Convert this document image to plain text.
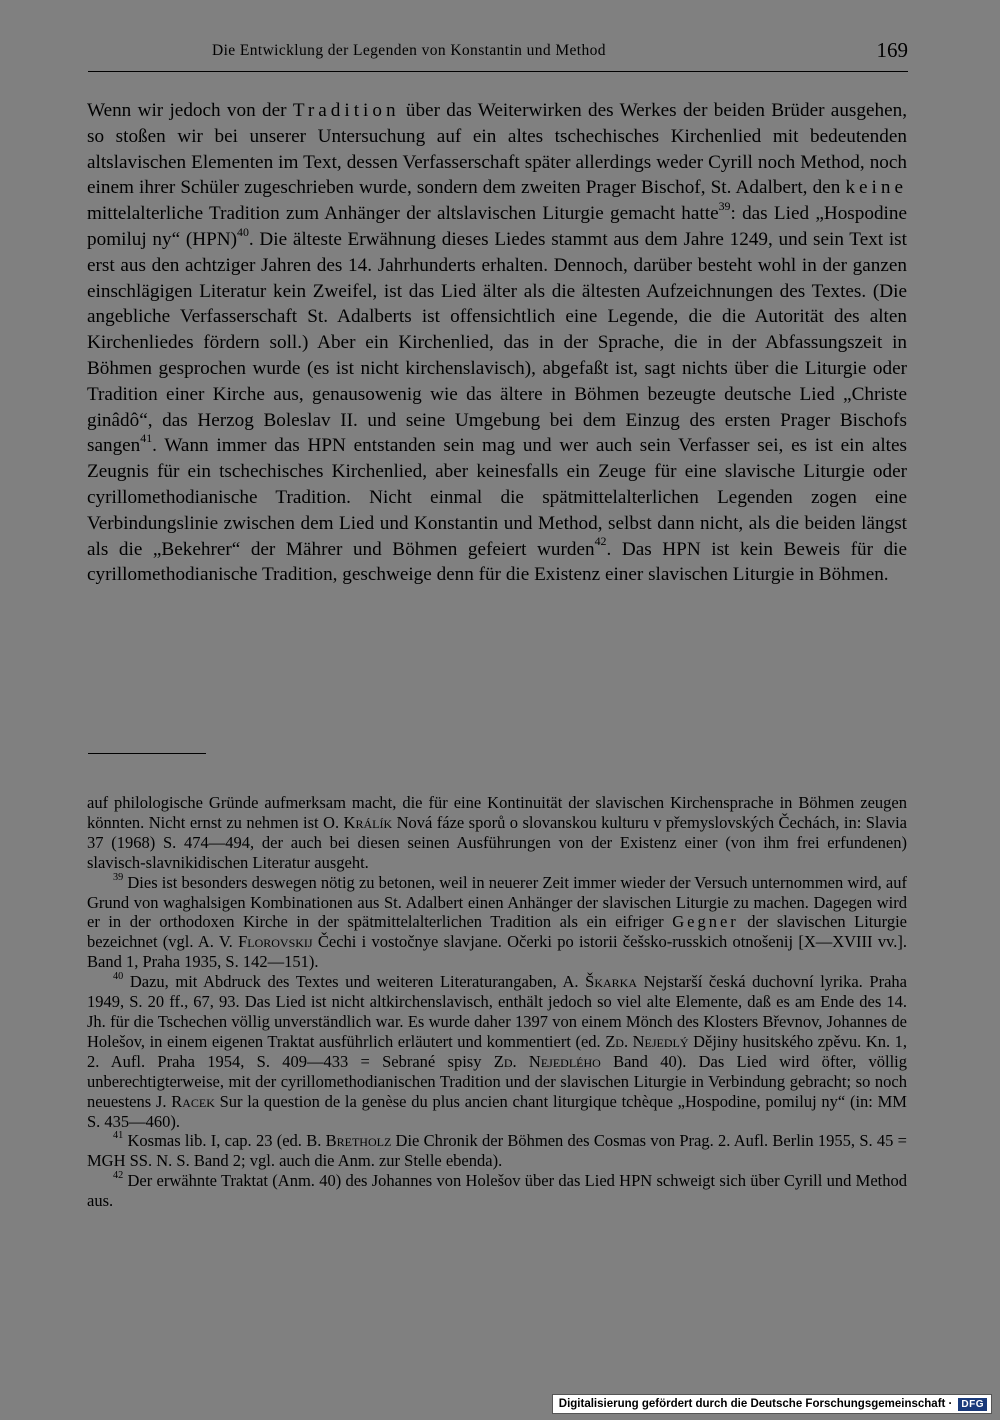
Die Entwicklung der Legenden von Konstantin und Method	169

Wenn wir jedoch von der Tradition über das Weiterwirken des Werkes der beiden Brüder ausgehen, so stoßen wir bei unserer Untersuchung auf ein altes tschechisches Kirchenlied mit bedeutenden altslavischen Elementen im Text, dessen Verfasserschaft später allerdings weder Cyrill noch Method, noch einem ihrer Schüler zugeschrieben wurde, sondern dem zweiten Prager Bischof, St. Adalbert, den keine mittelalterliche Tradition zum Anhänger der altslavischen Liturgie gemacht hatte$^{39}$: das Lied „Hospodine pomiluj ny“ (HPN)$^{40}$. Die älteste Erwähnung dieses Liedes stammt aus dem Jahre 1249, und sein Text ist erst aus den achtziger Jahren des 14. Jahrhunderts erhalten. Dennoch, darüber besteht wohl in der ganzen einschlägigen Literatur kein Zweifel, ist das Lied älter als die ältesten Aufzeichnungen des Textes. (Die angebliche Verfasserschaft St. Adalberts ist offensichtlich eine Legende, die die Autorität des alten Kirchenliedes fördern soll.) Aber ein Kirchenlied, das in der Sprache, die in der Abfassungszeit in Böhmen gesprochen wurde (es ist nicht kirchenslavisch), abgefaßt ist, sagt nichts über die Liturgie oder Tradition einer Kirche aus, genausowenig wie das ältere in Böhmen bezeugte deutsche Lied „Christe ginâdô“, das Herzog Boleslav II. und seine Umgebung bei dem Einzug des ersten Prager Bischofs sangen$^{41}$. Wann immer das HPN entstanden sein mag und wer auch sein Verfasser sei, es ist ein altes Zeugnis für ein tschechisches Kirchenlied, aber keinesfalls ein Zeuge für eine slavische Liturgie oder cyrillomethodianische Tradition. Nicht einmal die spätmittelalterlichen Legenden zogen eine Verbindungslinie zwischen dem Lied und Konstantin und Method, selbst dann nicht, als die beiden längst als die „Bekehrer“ der Mährer und Böhmen gefeiert wurden$^{42}$. Das HPN ist kein Beweis für die cyrillomethodianische Tradition, geschweige denn für die Existenz einer slavischen Liturgie in Böhmen.

auf philologische Gründe aufmerksam macht, die für eine Kontinuität der slavischen Kirchensprache in Böhmen zeugen könnten. Nicht ernst zu nehmen ist O. Králík Nová fáze sporů o slovanskou kulturu v přemyslovských Čechách, in: Slavia 37 (1968) S. 474—494, der auch bei diesen seinen Ausführungen von der Existenz einer (von ihm frei erfundenen) slavisch-slavnikidischen Literatur ausgeht.

$^{39}$ Dies ist besonders deswegen nötig zu betonen, weil in neuerer Zeit immer wieder der Versuch unternommen wird, auf Grund von waghalsigen Kombinationen aus St. Adalbert einen Anhänger der slavischen Liturgie zu machen. Dagegen wird er in der orthodoxen Kirche in der spätmittelalterlichen Tradition als ein eifriger Gegner der slavischen Liturgie bezeichnet (vgl. A. V. Florovskij Čechi i vostočnye slavjane. Očerki po istorii češsko-russkich otnošenij [X—XVIII vv.]. Band 1, Praha 1935, S. 142—151).

$^{40}$ Dazu, mit Abdruck des Textes und weiteren Literaturangaben, A. Škarka Nejstarší česká duchovní lyrika. Praha 1949, S. 20 ff., 67, 93. Das Lied ist nicht altkirchenslavisch, enthält jedoch so viel alte Elemente, daß es am Ende des 14. Jh. für die Tschechen völlig unverständlich war. Es wurde daher 1397 von einem Mönch des Klosters Břevnov, Johannes de Holešov, in einem eigenen Traktat ausführlich erläutert und kommentiert (ed. Zd. Nejedlý Dějiny husitského zpěvu. Kn. 1, 2. Aufl. Praha 1954, S. 409—433 = Sebrané spisy Zd. Nejedlého Band 40). Das Lied wird öfter, völlig unberechtigterweise, mit der cyrillomethodianischen Tradition und der slavischen Liturgie in Verbindung gebracht; so noch neuestens J. Racek Sur la question de la genèse du plus ancien chant liturgique tchèque „Hospodine, pomiluj ny“ (in: MM S. 435—460).

$^{41}$ Kosmas lib. I, cap. 23 (ed. B. Bretholz Die Chronik der Böhmen des Cosmas von Prag. 2. Aufl. Berlin 1955, S. 45 = MGH SS. N. S. Band 2; vgl. auch die Anm. zur Stelle ebenda).

$^{42}$ Der erwähnte Traktat (Anm. 40) des Johannes von Holešov über das Lied HPN schweigt sich über Cyrill und Method aus.

Digitalisierung gefördert durch die Deutsche Forschungsgemeinschaft · DFG
